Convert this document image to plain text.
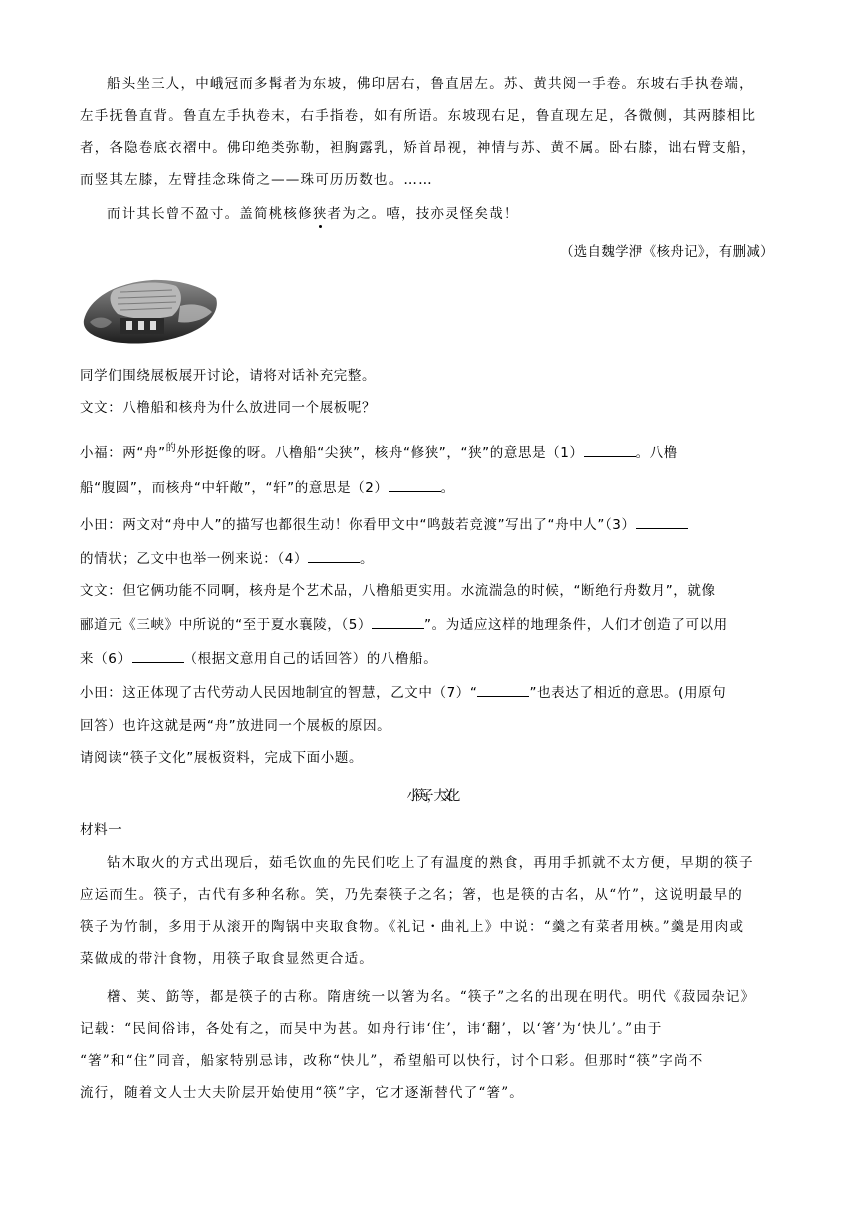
船头坐三人，中峨冠而多髯者为东坡，佛印居右，鲁直居左。苏、黄共阅一手卷。东坡右手执卷端，
左手抚鲁直背。鲁直左手执卷末，右手指卷，如有所语。东坡现右足，鲁直现左足，各微侧，其两膝相比
者，各隐卷底衣褶中。佛印绝类弥勒，袒胸露乳，矫首昂视，神情与苏、黄不属。卧右膝，诎右臂支船，
而竖其左膝，左臂挂念珠倚之——珠可历历数也。……
而计其长曾不盈寸。盖简桃核修狭者为之。嘻，技亦灵怪矣哉！
（选自魏学洢《核舟记》，有删减）
同学们围绕展板展开讨论，请将对话补充完整。
文文：八橹船和核舟为什么放进同一个展板呢？
小福：两“舟”$^的$外形挺像的呀。八橹船“尖狭”，核舟“修狭”，“狭”的意思是（1）	。八橹
船“腹圆”，而核舟“中轩敞”，“轩”的意思是（2）	。
小田：两文对“舟中人”的描写也都很生动！你看甲文中“鸣鼓若竞渡”写出了“舟中人”（3）
的情状；乙文中也举一例来说：（4）	。
文文：但它俩功能不同啊，核舟是个艺术品，八橹船更实用。水流湍急的时候，“断绝行舟数月”，就像
郦道元《三峡》中所说的“至于夏水襄陵，（5）	”。为适应这样的地理条件，人们才创造了可以用
来（6）	（根据文意用自己的话回答）的八橹船。
小田：这正体现了古代劳动人民因地制宜的智慧，乙文中（7）“	”也表达了相近的意思。(用原句
回答）也许这就是两“舟”放进同一个展板的原因。
请阅读“筷子文化”展板资料，完成下面小题。
小筷子，大文化
材料一
钻木取火的方式出现后，茹毛饮血的先民们吃上了有温度的熟食，再用手抓就不太方便，早期的筷子
应运而生。筷子，古代有多种名称。笑，乃先秦筷子之名；箸，也是筷的古名，从“竹”，这说明最早的
筷子为竹制，多用于从滚开的陶锅中夹取食物。《礼记・曲礼上》中说：“羹之有菜者用梜。”羹是用肉或
菜做成的带汁食物，用筷子取食显然更合适。
櫡、荚、筯等，都是筷子的古称。隋唐统一以箸为名。“筷子”之名的出现在明代。明代《菽园杂记》
记载：“民间俗讳，各处有之，而吴中为甚。如舟行讳‘住’，讳‘翻’，以‘箸’为‘快儿’。”由于
“箸”和“住”同音，船家特别忌讳，改称“快儿”，希望船可以快行，讨个口彩。但那时“筷”字尚不
流行，随着文人士大夫阶层开始使用“筷”字，它才逐渐替代了“箸”。
